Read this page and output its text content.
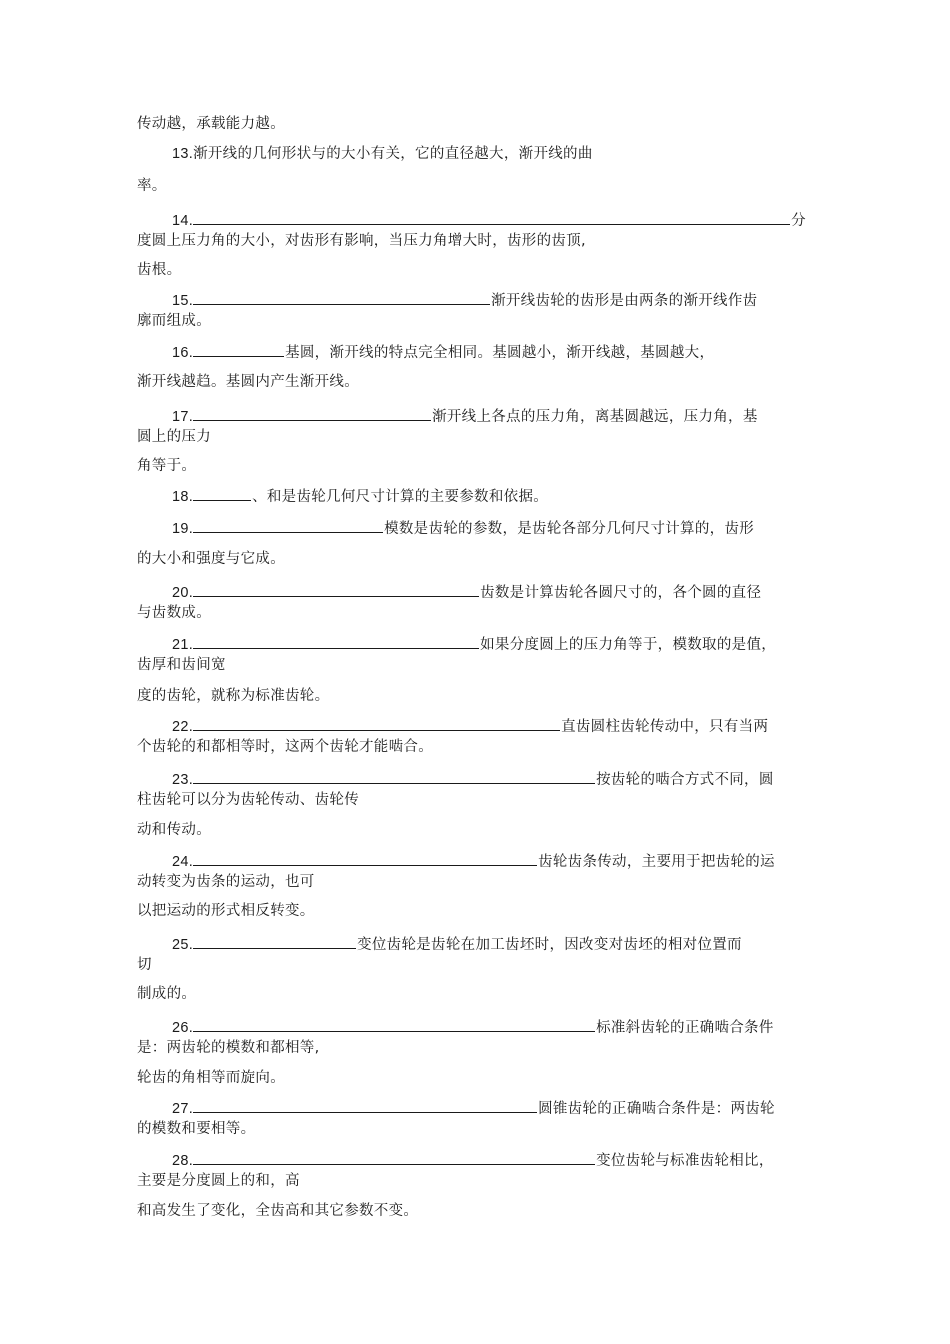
传动越，承载能力越。
13.渐开线的几何形状与的大小有关，它的直径越大，渐开线的曲
率。
14.	分
度圆上压力角的大小，对齿形有影响，当压力角增大时，齿形的齿顶,
齿根。
15.	渐开线齿轮的齿形是由两条的渐开线作齿
廓而组成。
16.	基圆，渐开线的特点完全相同。基圆越小，渐开线越，基圆越大，
渐开线越趋。基圆内产生渐开线。
17.	渐开线上各点的压力角，离基圆越远，压力角，基
圆上的压力
角等于。
18.	、和是齿轮几何尺寸计算的主要参数和依据。
19.	模数是齿轮的参数，是齿轮各部分几何尺寸计算的，齿形
的大小和强度与它成。
20.	齿数是计算齿轮各圆尺寸的，各个圆的直径
与齿数成。
21.	如果分度圆上的压力角等于，模数取的是值，
齿厚和齿间宽
度的齿轮，就称为标准齿轮。
22.	直齿圆柱齿轮传动中，只有当两
个齿轮的和都相等时，这两个齿轮才能啮合。
23.	按齿轮的啮合方式不同，圆
柱齿轮可以分为齿轮传动、齿轮传
动和传动。
24.	齿轮齿条传动，主要用于把齿轮的运
动转变为齿条的运动，也可
以把运动的形式相反转变。
25.	变位齿轮是齿轮在加工齿坯时，因改变对齿坯的相对位置而
切
制成的。
26.	标准斜齿轮的正确啮合条件
是：两齿轮的模数和都相等,
轮齿的角相等而旋向。
27.	圆锥齿轮的正确啮合条件是：两齿轮
的模数和要相等。
28.	变位齿轮与标准齿轮相比，
主要是分度圆上的和，高
和高发生了变化，全齿高和其它参数不变。
